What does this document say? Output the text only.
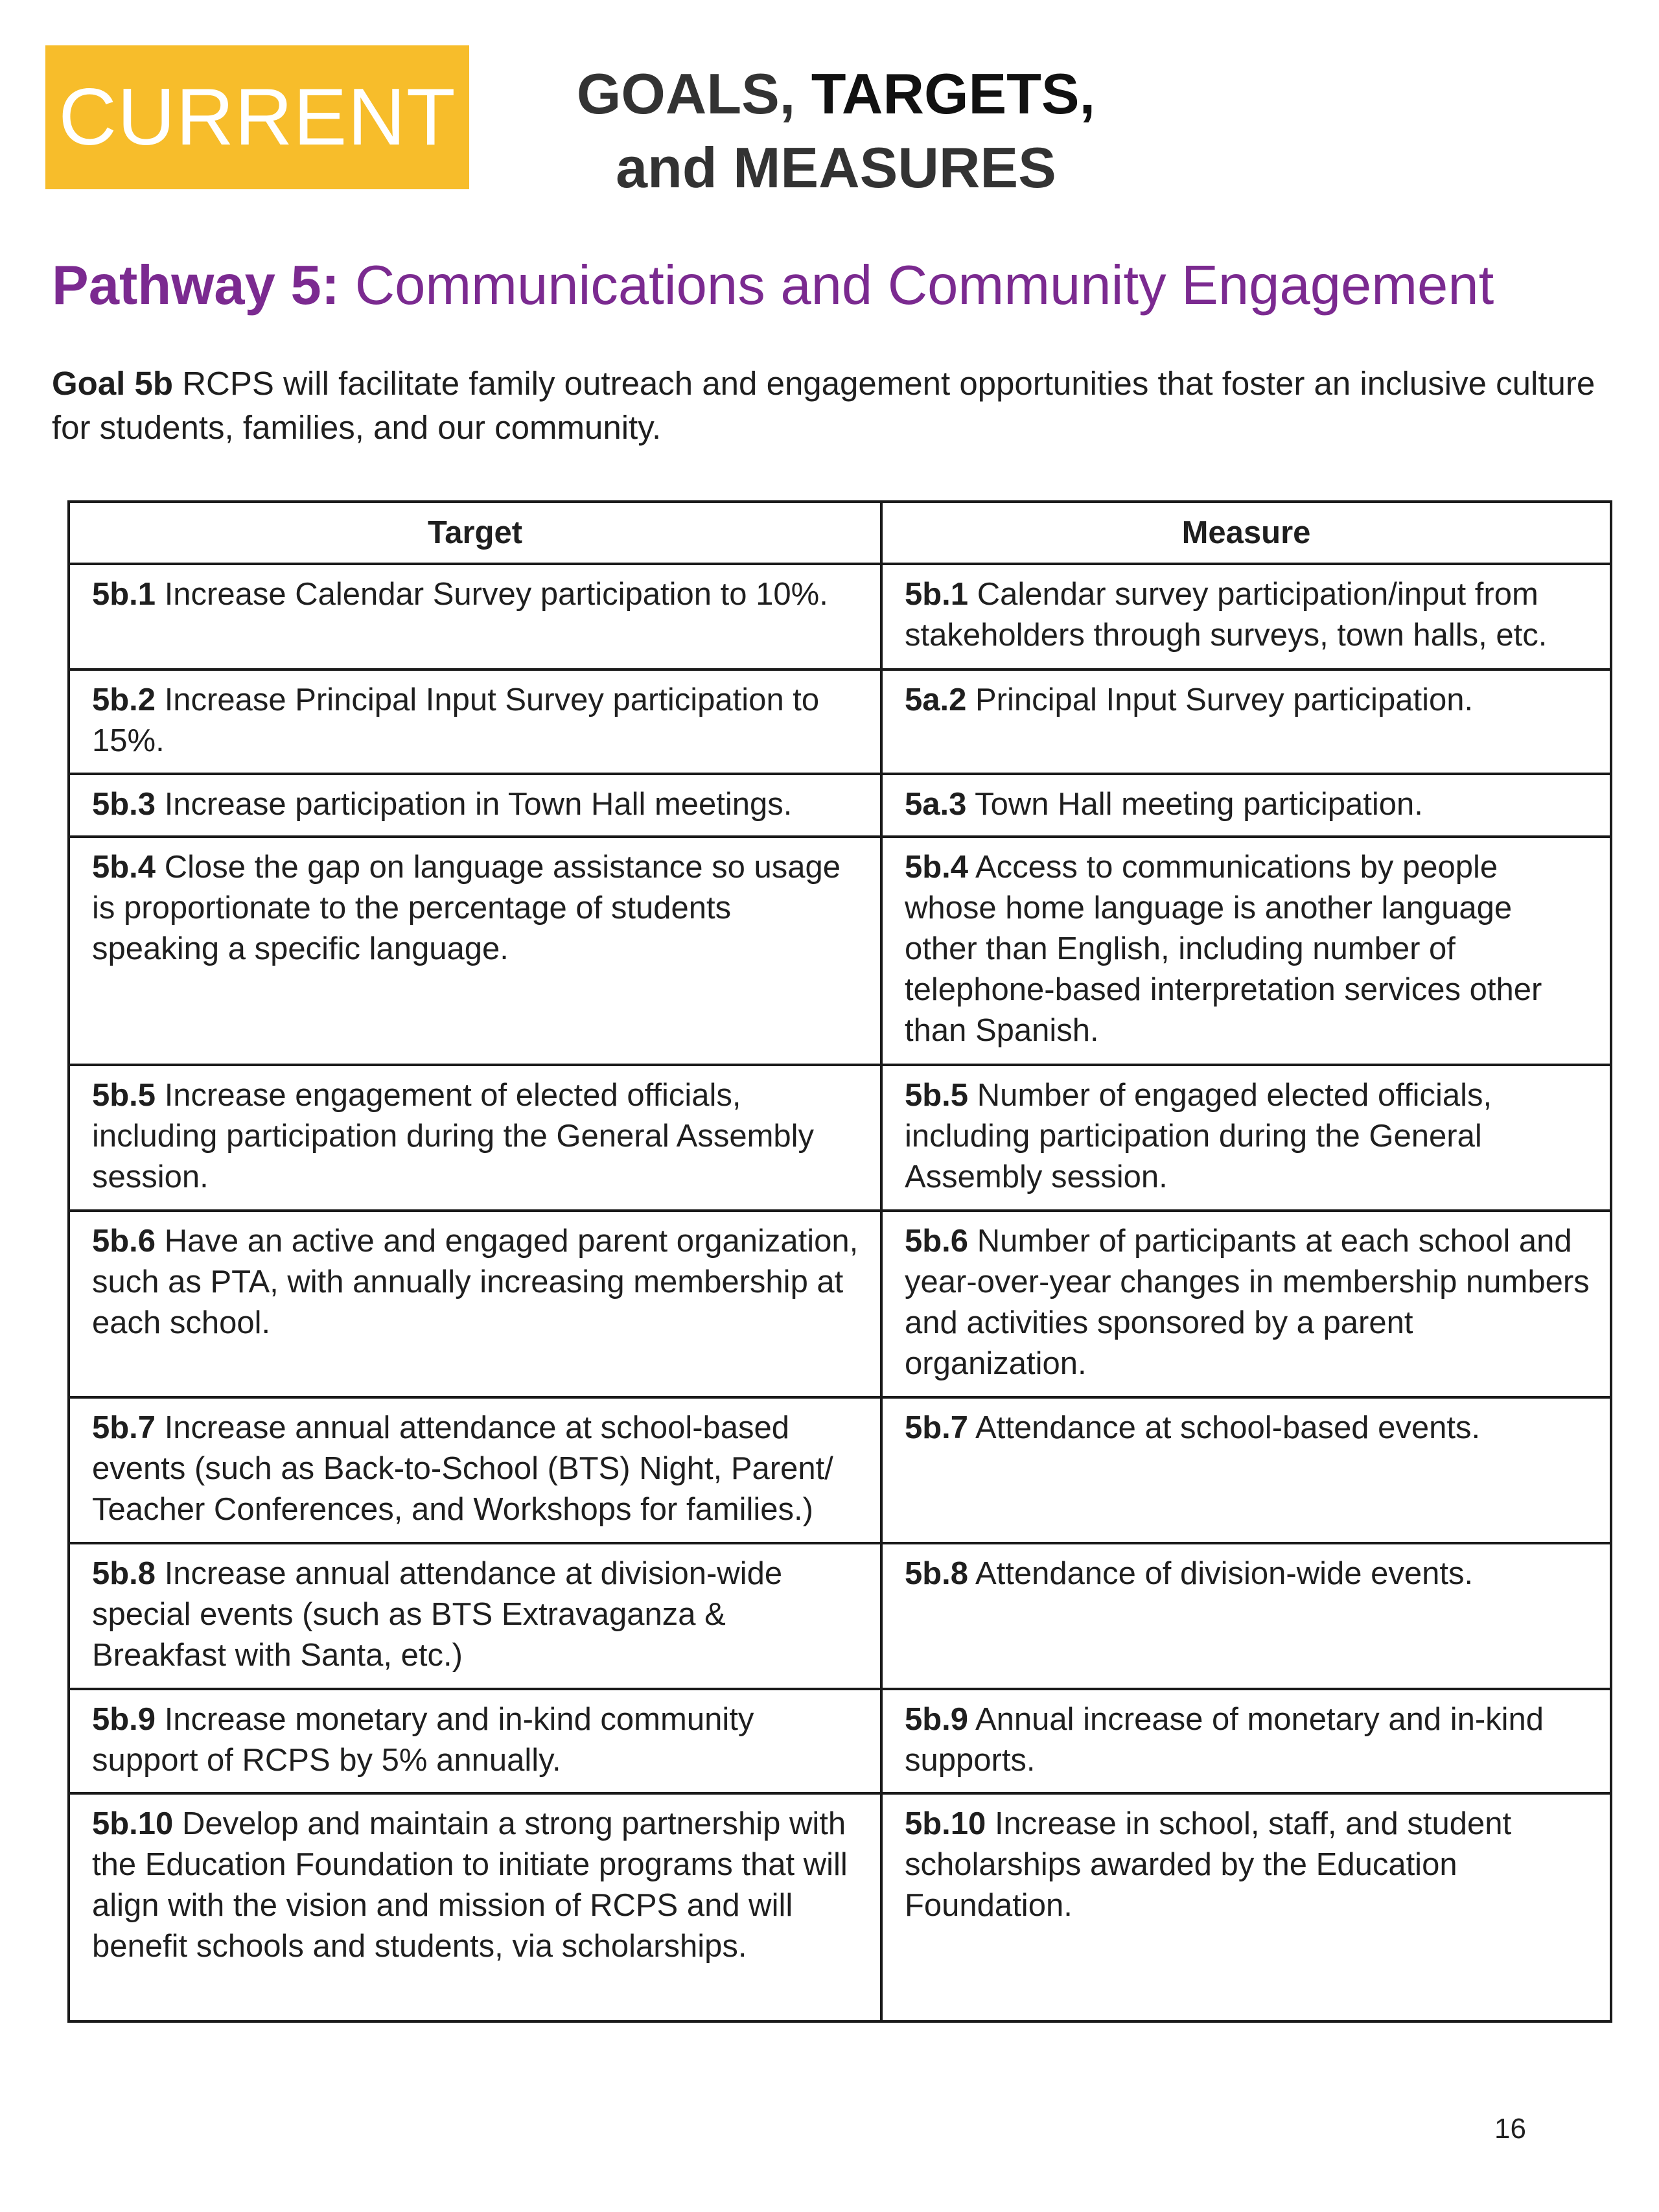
CURRENT	GOALS, TARGETS,
and MEASURES
Pathway 5: Communications and Community Engagement
Goal 5b RCPS will facilitate family outreach and engagement opportunities that foster an inclusive culture for students, families, and our community.
Target	Measure
5b.1 Increase Calendar Survey participation to 10%.	5b.1 Calendar survey participation/input from stakeholders through surveys, town halls, etc.
5b.2 Increase Principal Input Survey participation to 15%.	5a.2 Principal Input Survey participation.
5b.3 Increase participation in Town Hall meetings.	5a.3 Town Hall meeting participation.
5b.4 Close the gap on language assistance so usage is proportionate to the percentage of students speaking a specific language.	5b.4 Access to communications by people whose home language is another language other than English, including number of telephone-based interpretation services other than Spanish.
5b.5 Increase engagement of elected officials, including participation during the General Assembly session.	5b.5 Number of engaged elected officials, including participation during the General Assembly session.
5b.6 Have an active and engaged parent organization, such as PTA, with annually increasing membership at each school.	5b.6 Number of participants at each school and year-over-year changes in membership numbers and activities sponsored by a parent organization.
5b.7 Increase annual attendance at school-based events (such as Back-to-School (BTS) Night, Parent/ Teacher Conferences, and Workshops for families.)	5b.7 Attendance at school-based events.
5b.8 Increase annual attendance at division-wide special events (such as BTS Extravaganza & Breakfast with Santa, etc.)	5b.8 Attendance of division-wide events.
5b.9 Increase monetary and in-kind community support of RCPS by 5% annually.	5b.9 Annual increase of monetary and in-kind supports.
5b.10 Develop and maintain a strong partnership with the Education Foundation to initiate programs that will align with the vision and mission of RCPS and will benefit schools and students, via scholarships.	5b.10 Increase in school, staff, and student scholarships awarded by the Education Foundation.
16
